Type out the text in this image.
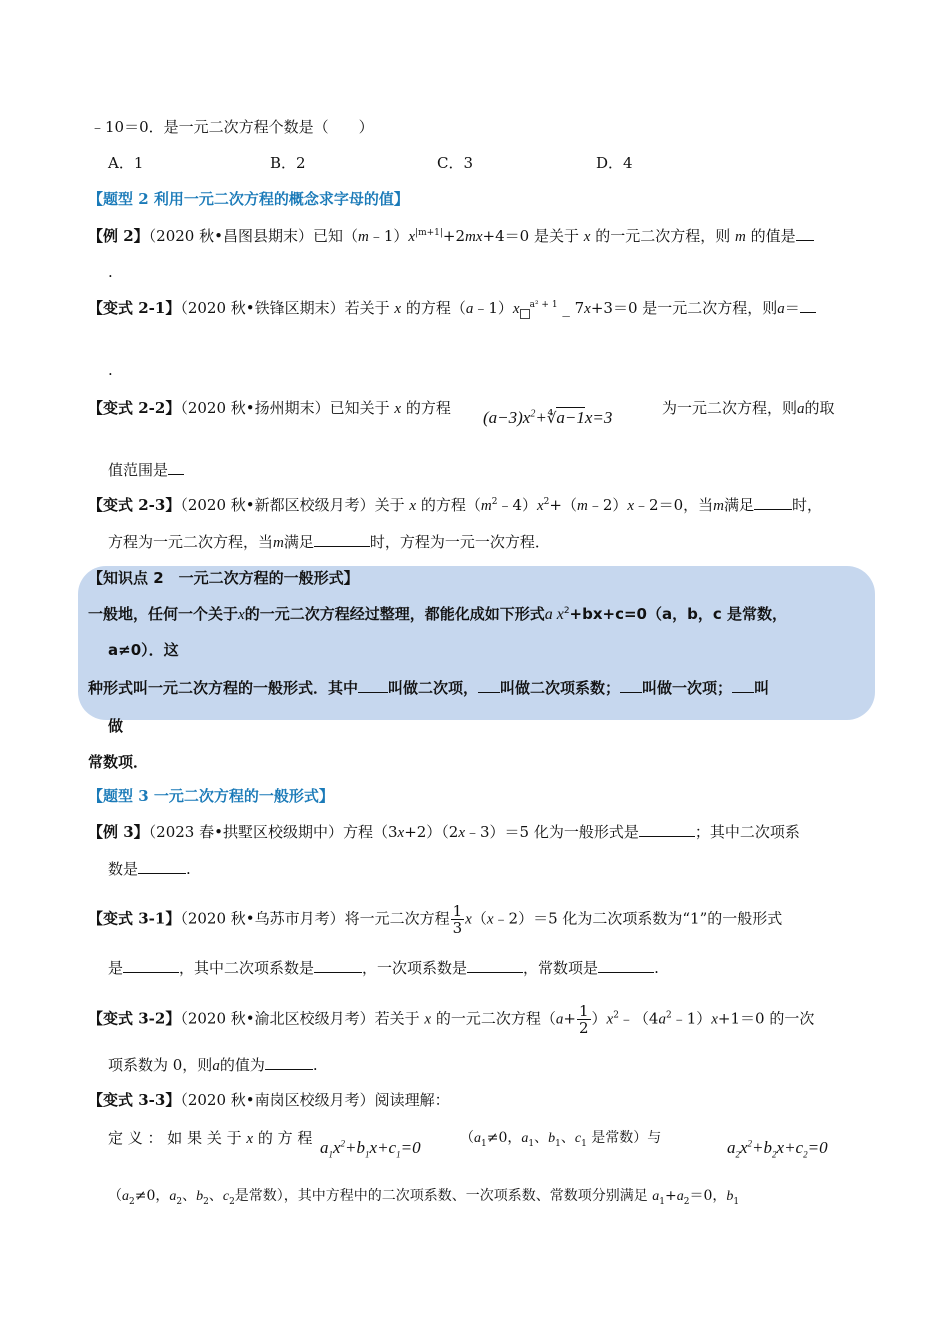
﹣10＝0．是一元二次方程个数是（　　）
A．1	B．2	C．3	D．4
【题型 2 利用一元二次方程的概念求字母的值】
【例 2】（2020 秋•昌图县期末）已知$(m﹣1)x^{|m+1|}+2mx+4=0$ 是关于 x 的一元二次方程，则 m 的值是
.
【变式 2-1】（2020 秋•铁锋区期末）若关于 x 的方程（a﹣1）x $^{a^2 + 1}$ _ 7x+3＝0 是一元二次方程，则a＝
.
【变式 2-2】（2020 秋•扬州期末）已知关于 x 的方程 $(a-3)x^2+∜a-1x=3$	为一元二次方程，则a的取
值范围是
【变式 2-3】（2020 秋•新都区校级月考）关于 x 的方程$(m^2﹣4)x^2+(m﹣2)x﹣2=0$，当m满足	时，
方程为一元二次方程，当m满足	时，方程为一元一次方程．
【知识点 2　一元二次方程的一般形式】
一般地，任何一个关于x的一元二次方程经过整理，都能化成如下形式a $x^2+bx+c=0(a$，b，c 是常数，
a≠0）．这
种形式叫一元二次方程的一般形式．其中 叫做二次项， 叫做二次项系数； 叫做一次项； 叫
做
常数项．
【题型 3 一元二次方程的一般形式】
【例 3】（2023 春•拱墅区校级期中）方程（3x+2）（2x﹣3）＝5 化为一般形式是	；其中二次项系
数是	.
【变式 3-1】（2020 秋•乌苏市月考）将一元二次方程 $\frac{1}{3}$ x（x﹣2）＝5 化为二次项系数为“1”的一般形式
是	，其中二次项系数是	，一次项系数是	，常数项是	.
【变式 3-2】（2020 秋•渝北区校级月考）若关于 x 的一元二次方程（$a+ \frac{1}{2}$ ）$x^2﹣(4a^2﹣1)x+1=0$ 的一次
项系数为 0，则a的值为	.
【变式 3-3】（2020 秋•南岗区校级月考）阅读理解：
定 义 ： 如 果 关 于 x 的 方 程 $a_1x^2+b_1x+c_1=0$	（$a_1\ne 0$，$a_1$、$b_1$、$c_1$ 是常数）与	$a_2x^2+b_2x+c_2=0$
（$a_2\ne 0$，$a_2$、$b_2$、$c_2$是常数），其中方程中的二次项系数、一次项系数、常数项分别满足 $a_1+a_2=0$，$b_1$
